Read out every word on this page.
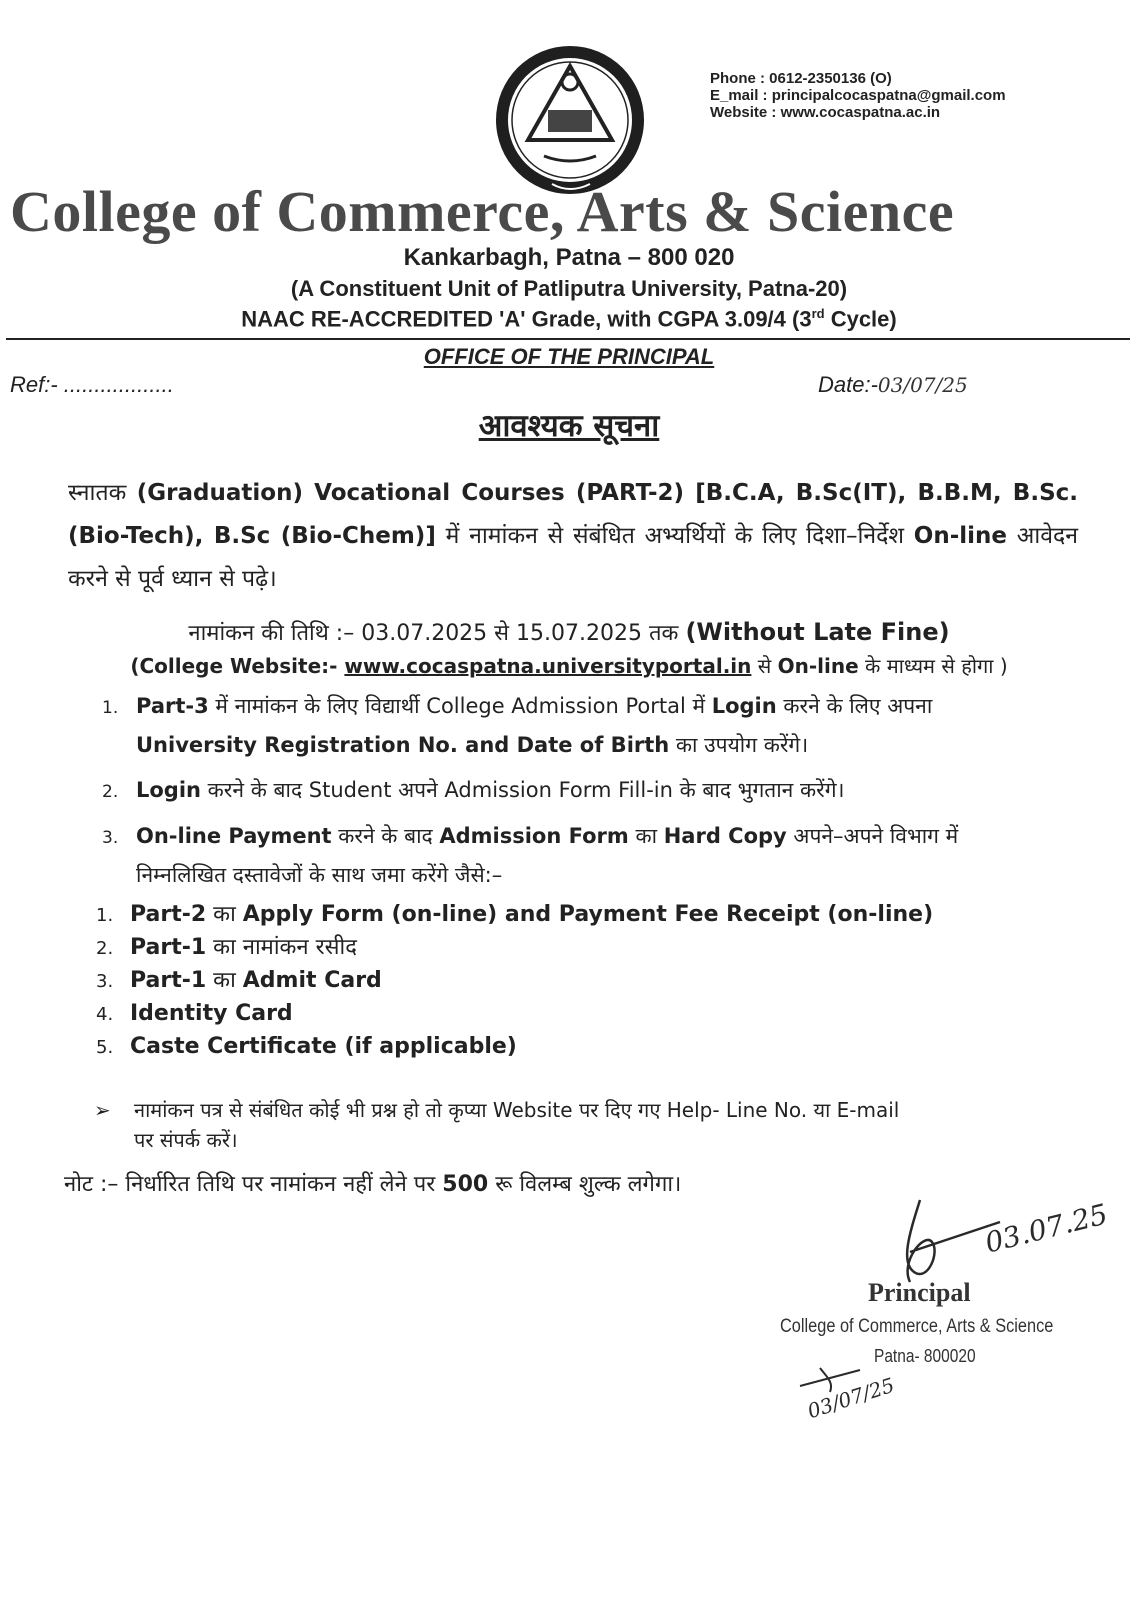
Phone : 0612-2350136 (O)
E_mail : principalcocaspatna@gmail.com
Website : www.cocaspatna.ac.in
College of Commerce, Arts & Science
Kankarbagh, Patna – 800 020
(A Constituent Unit of Patliputra University, Patna-20)
NAAC RE-ACCREDITED 'A' Grade, with CGPA 3.09/4 (3rd Cycle)
OFFICE OF THE PRINCIPAL
Ref:- ..................	Date:-03/07/25
आवश्यक सूचना
स्नातक (Graduation) Vocational Courses (PART-2) [B.C.A, B.Sc(IT), B.B.M, B.Sc.(Bio-Tech), B.Sc (Bio-Chem)] में नामांकन से संबंधित अभ्यर्थियों के लिए दिशा–निर्देश On-line आवेदन करने से पूर्व ध्यान से पढ़े।
नामांकन की तिथि :– 03.07.2025 से 15.07.2025 तक (Without Late Fine)
(College Website:- www.cocaspatna.universityportal.in से On-line के माध्यम से होगा )
1. Part-3 में नामांकन के लिए विद्यार्थी College Admission Portal में Login करने के लिए अपना
University Registration No. and Date of Birth का उपयोग करेंगे।
2. Login करने के बाद Student अपने Admission Form Fill-in के बाद भुगतान करेंगे।
3. On-line Payment करने के बाद Admission Form का Hard Copy अपने–अपने विभाग में
निम्नलिखित दस्तावेजों के साथ जमा करेंगे जैसे:–
1. Part-2 का Apply Form (on-line) and Payment Fee Receipt (on-line)
2. Part-1 का नामांकन रसीद
3. Part-1 का Admit Card
4. Identity Card
5. Caste Certificate (if applicable)
➢ नामांकन पत्र से संबंधित कोई भी प्रश्न हो तो कृप्या Website पर दिए गए Help- Line No. या E-mail
पर संपर्क करें।
नोट :– निर्धारित तिथि पर नामांकन नहीं लेने पर 500 रू विलम्ब शुल्क लगेगा।
03.07.25
Principal
College of Commerce, Arts & Science
Patna- 800020
03/07/25
